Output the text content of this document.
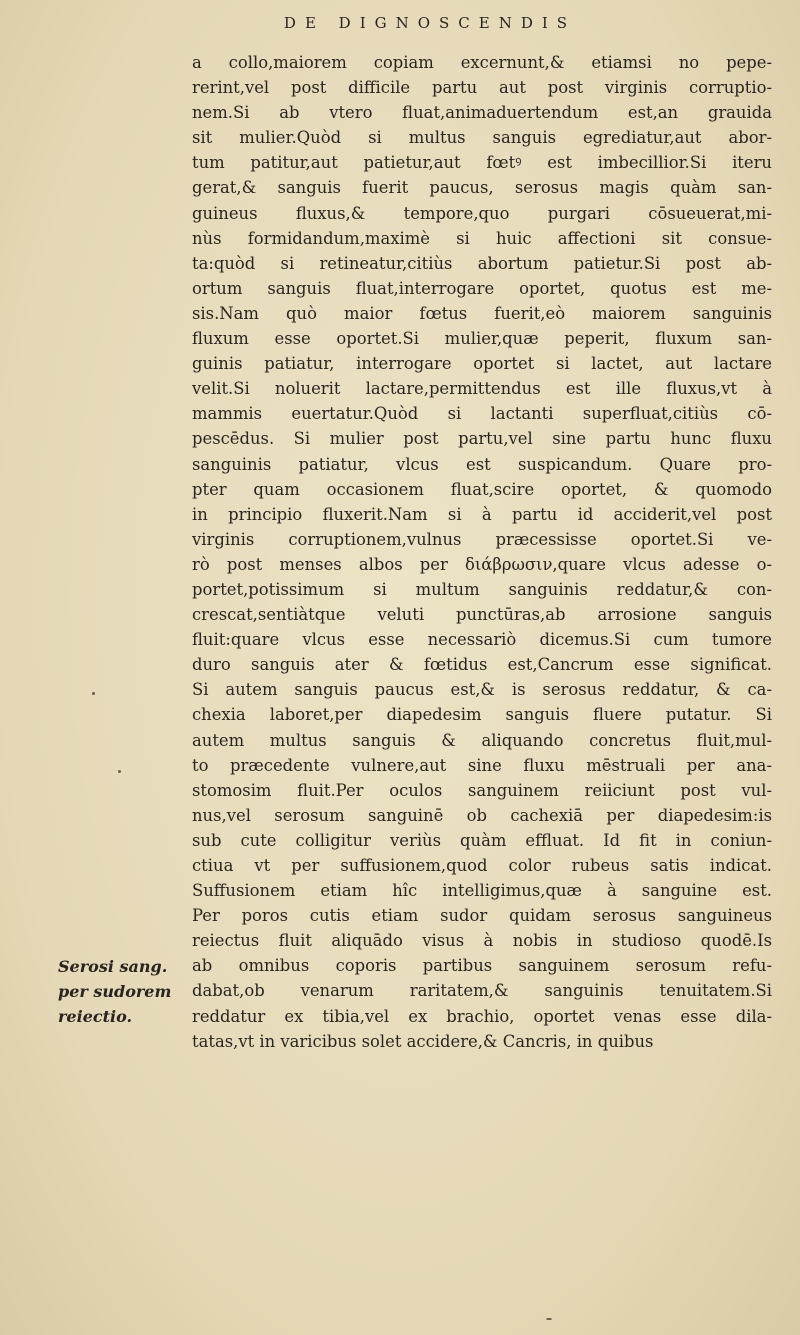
DE DIGNOSCENDIS
a collo,maiorem copiam excernunt,& etiamsi no pepe-
rerint,vel post difficile partu aut post virginis corruptio-
nem.Si ab vtero fluat,animaduertendum est,an grauida
sit mulier.Quòd si multus sanguis egrediatur,aut abor-
tum patitur,aut patietur,aut fœtꝰ est imbecillior.Si iteru
gerat,& sanguis fuerit paucus, serosus magis quàm san-
guineus fluxus,& tempore,quo purgari cōsueuerat,mi-
nùs formidandum,maximè si huic affectioni sit consue-
ta:quòd si retineatur,citiùs abortum patietur.Si post ab-
ortum sanguis fluat,interrogare oportet, quotus est me-
sis.Nam quò maior fœtus fuerit,eò maiorem sanguinis
fluxum esse oportet.Si mulier,quæ peperit, fluxum san-
guinis patiatur, interrogare oportet si lactet, aut lactare
velit.Si noluerit lactare,permittendus est ille fluxus,vt à
mammis euertatur.Quòd si lactanti superfluat,citiùs cō-
pescēdus. Si mulier post partu,vel sine partu hunc fluxu
sanguinis patiatur, vlcus est suspicandum. Quare pro-
pter quam occasionem fluat,scire oportet, & quomodo
in principio fluxerit.Nam si à partu id acciderit,vel post
virginis corruptionem,vulnus præcessisse oportet.Si ve-
rò post menses albos per διάβρωσιν,quare vlcus adesse o-
portet,potissimum si multum sanguinis reddatur,& con-
crescat,sentiàtque veluti punctūras,ab arrosione sanguis
fluit:quare vlcus esse necessariò dicemus.Si cum tumore
duro sanguis ater & fœtidus est,Cancrum esse significat.
Si autem sanguis paucus est,& is serosus reddatur, & ca-
chexia laboret,per diapedesim sanguis fluere putatur. Si
autem multus sanguis & aliquando concretus fluit,mul-
to præcedente vulnere,aut sine fluxu mēstruali per ana-
stomosim fluit.Per oculos sanguinem reiiciunt post vul-
nus,vel serosum sanguinē ob cachexiā per diapedesim:is
sub cute colligitur veriùs quàm effluat. Id fit in coniun-
ctiua vt per suffusionem,quod color rubeus satis indicat.
Suffusionem etiam hîc intelligimus,quæ à sanguine est.
Per poros cutis etiam sudor quidam serosus sanguineus
reiectus fluit aliquādo visus à nobis in studioso quodē.Is
ab omnibus coporis partibus sanguinem serosum refu-
dabat,ob venarum raritatem,& sanguinis tenuitatem.Si
reddatur ex tibia,vel ex brachio, oportet venas esse dila-
tatas,vt in varicibus solet accidere,& Cancris, in quibus
Serosi sang.
per sudorem
reiectio.
